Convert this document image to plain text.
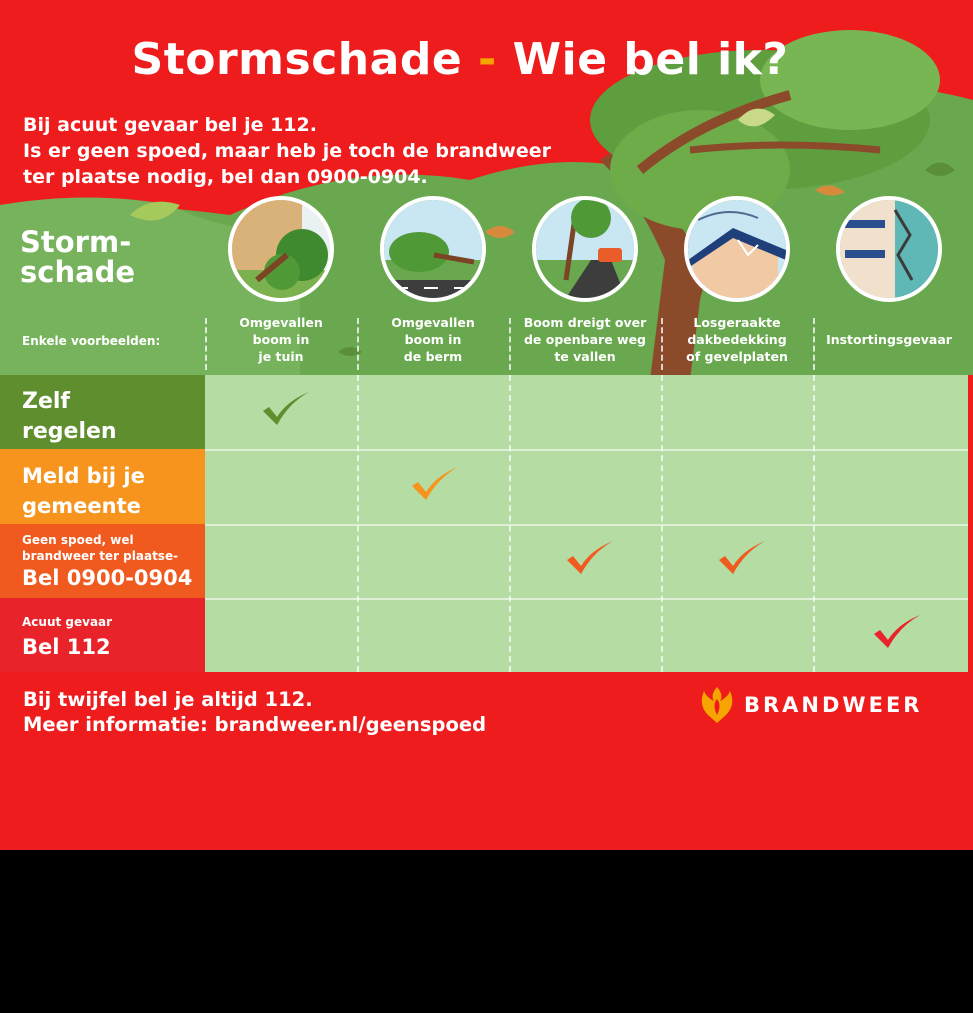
Stormschade - Wie bel ik?
Bij acuut gevaar bel je 112.
Is er geen spoed, maar heb je toch de brandweer
ter plaatse nodig, bel dan 0900-0904.
Storm-
schade
Enkele voorbeelden:
Omgevallen
boom in
je tuin
Omgevallen
boom in
de berm
Boom dreigt over
de openbare weg
te vallen
Losgeraakte
dakbedekking
of gevelplaten
Instortingsgevaar
Zelf
regelen
Meld bij je
gemeente
Geen spoed, wel
brandweer ter plaatse-
Bel 0900-0904
Acuut gevaar
Bel 112
Bij twijfel bel je altijd 112.
Meer informatie: brandweer.nl/geenspoed
BRANDWEER
